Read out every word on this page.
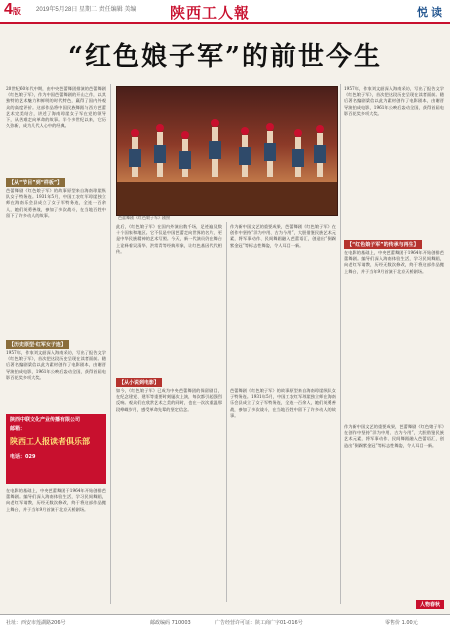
4版	2019年5月28日 星期二 责任编辑 美编 陕西工人報	悦 读
“红色娘子军”的前世今生
20世纪60年代中期，由中央芭蕾舞团排演的芭蕾舞剧《红色娘子军》，作为中国芭蕾舞剧的开山之作，以其独特的艺术魅力和鲜明的时代特色，赢得了国内外观众的高度评价。这部作品将中国民族舞蹈与西方芭蕾艺术完美结合，讲述了海南琼崖女子军在党的领导下，从苦难走向革命的故事。半个多世纪以来，它历久弥新，成为几代人心中的经典。
【从“节目”到“样板”】
芭蕾舞剧《红色娘子军》的故事原型来自海南琼崖纵队女子特务连。1931年5月，中国工农红军琼崖独立师在海南乐会县成立了女子军特务连，全连一百余人，她们英勇善战，参加了多次战斗，在当地百姓中留下了许多动人的故事。
【历史原型·红军女子连】
1957年，作家刘文韶深入海南采访，写出了报告文学《红色娘子军》，首次把这段历史呈现在读者面前。随后著名编剧梁信以此为素材创作了电影剧本，由谢晋导演拍成电影，1961年公映后轰动全国，获得首届电影百花奖多项大奖。
陕西中联文化产业传播有限公司
邮箱：
陕西工人报读者俱乐部
电话：029
在电影的基础上，中央芭蕾舞团于1964年开始创排芭蕾舞剧。编导们深入海南体验生活，学习民间舞蹈，向老红军请教，历经无数次修改，终于将这部作品搬上舞台，并于当年9月首演于北京天桥剧场。
芭蕾舞剧《红色娘子军》剧照
此后，《红色娘子军》在国内外演出数千场，足迹遍及数十个国家和地区。它不仅是中国芭蕾走向世界的名片，更是中华民族精神的艺术写照。今天，新一代演员仍在舞台上诠释着吴清华、洪常青等经典形象，让红色基因代代相传。
作为新中国文艺的重要成果，芭蕾舞剧《红色娘子军》在创作中坚持“洋为中用、古为今用”，大胆借鉴民族艺术元素，将军事动作、民间舞蹈融入芭蕾语汇，创造出“倒踢紫金冠”等标志性舞姿，令人耳目一新。
【从小说到电影】
如今，《红色娘子军》已成为中央芭蕾舞团的保留剧目，在纪念建党、建军等重要时刻屡次上演，每次都引起强烈反响。观众们在欣赏艺术之美的同时，也在一次次重温那段峥嵘岁月，感受革命先辈的坚定信念。
芭蕾舞剧《红色娘子军》的故事原型来自海南琼崖纵队女子特务连。1931年5月，中国工农红军琼崖独立师在海南乐会县成立了女子军特务连，全连一百余人，她们英勇善战，参加了多次战斗，在当地百姓中留下了许多动人的故事。
1957年，作家刘文韶深入海南采访，写出了报告文学《红色娘子军》，首次把这段历史呈现在读者面前。随后著名编剧梁信以此为素材创作了电影剧本，由谢晋导演拍成电影，1961年公映后轰动全国，获得首届电影百花奖多项大奖。
【“红色娘子军”的传承与再生】
在电影的基础上，中央芭蕾舞团于1964年开始创排芭蕾舞剧。编导们深入海南体验生活，学习民间舞蹈，向老红军请教，历经无数次修改，终于将这部作品搬上舞台，并于当年9月首演于北京天桥剧场。
作为新中国文艺的重要成果，芭蕾舞剧《红色娘子军》在创作中坚持“洋为中用、古为今用”，大胆借鉴民族艺术元素，将军事动作、民间舞蹈融入芭蕾语汇，创造出“倒踢紫金冠”等标志性舞姿，令人耳目一新。
人物春秋
社址：西安市莲湖路206号	邮政编码 710003	广告经营许可证：陕工商广字01-016号	零售价 1.00元
